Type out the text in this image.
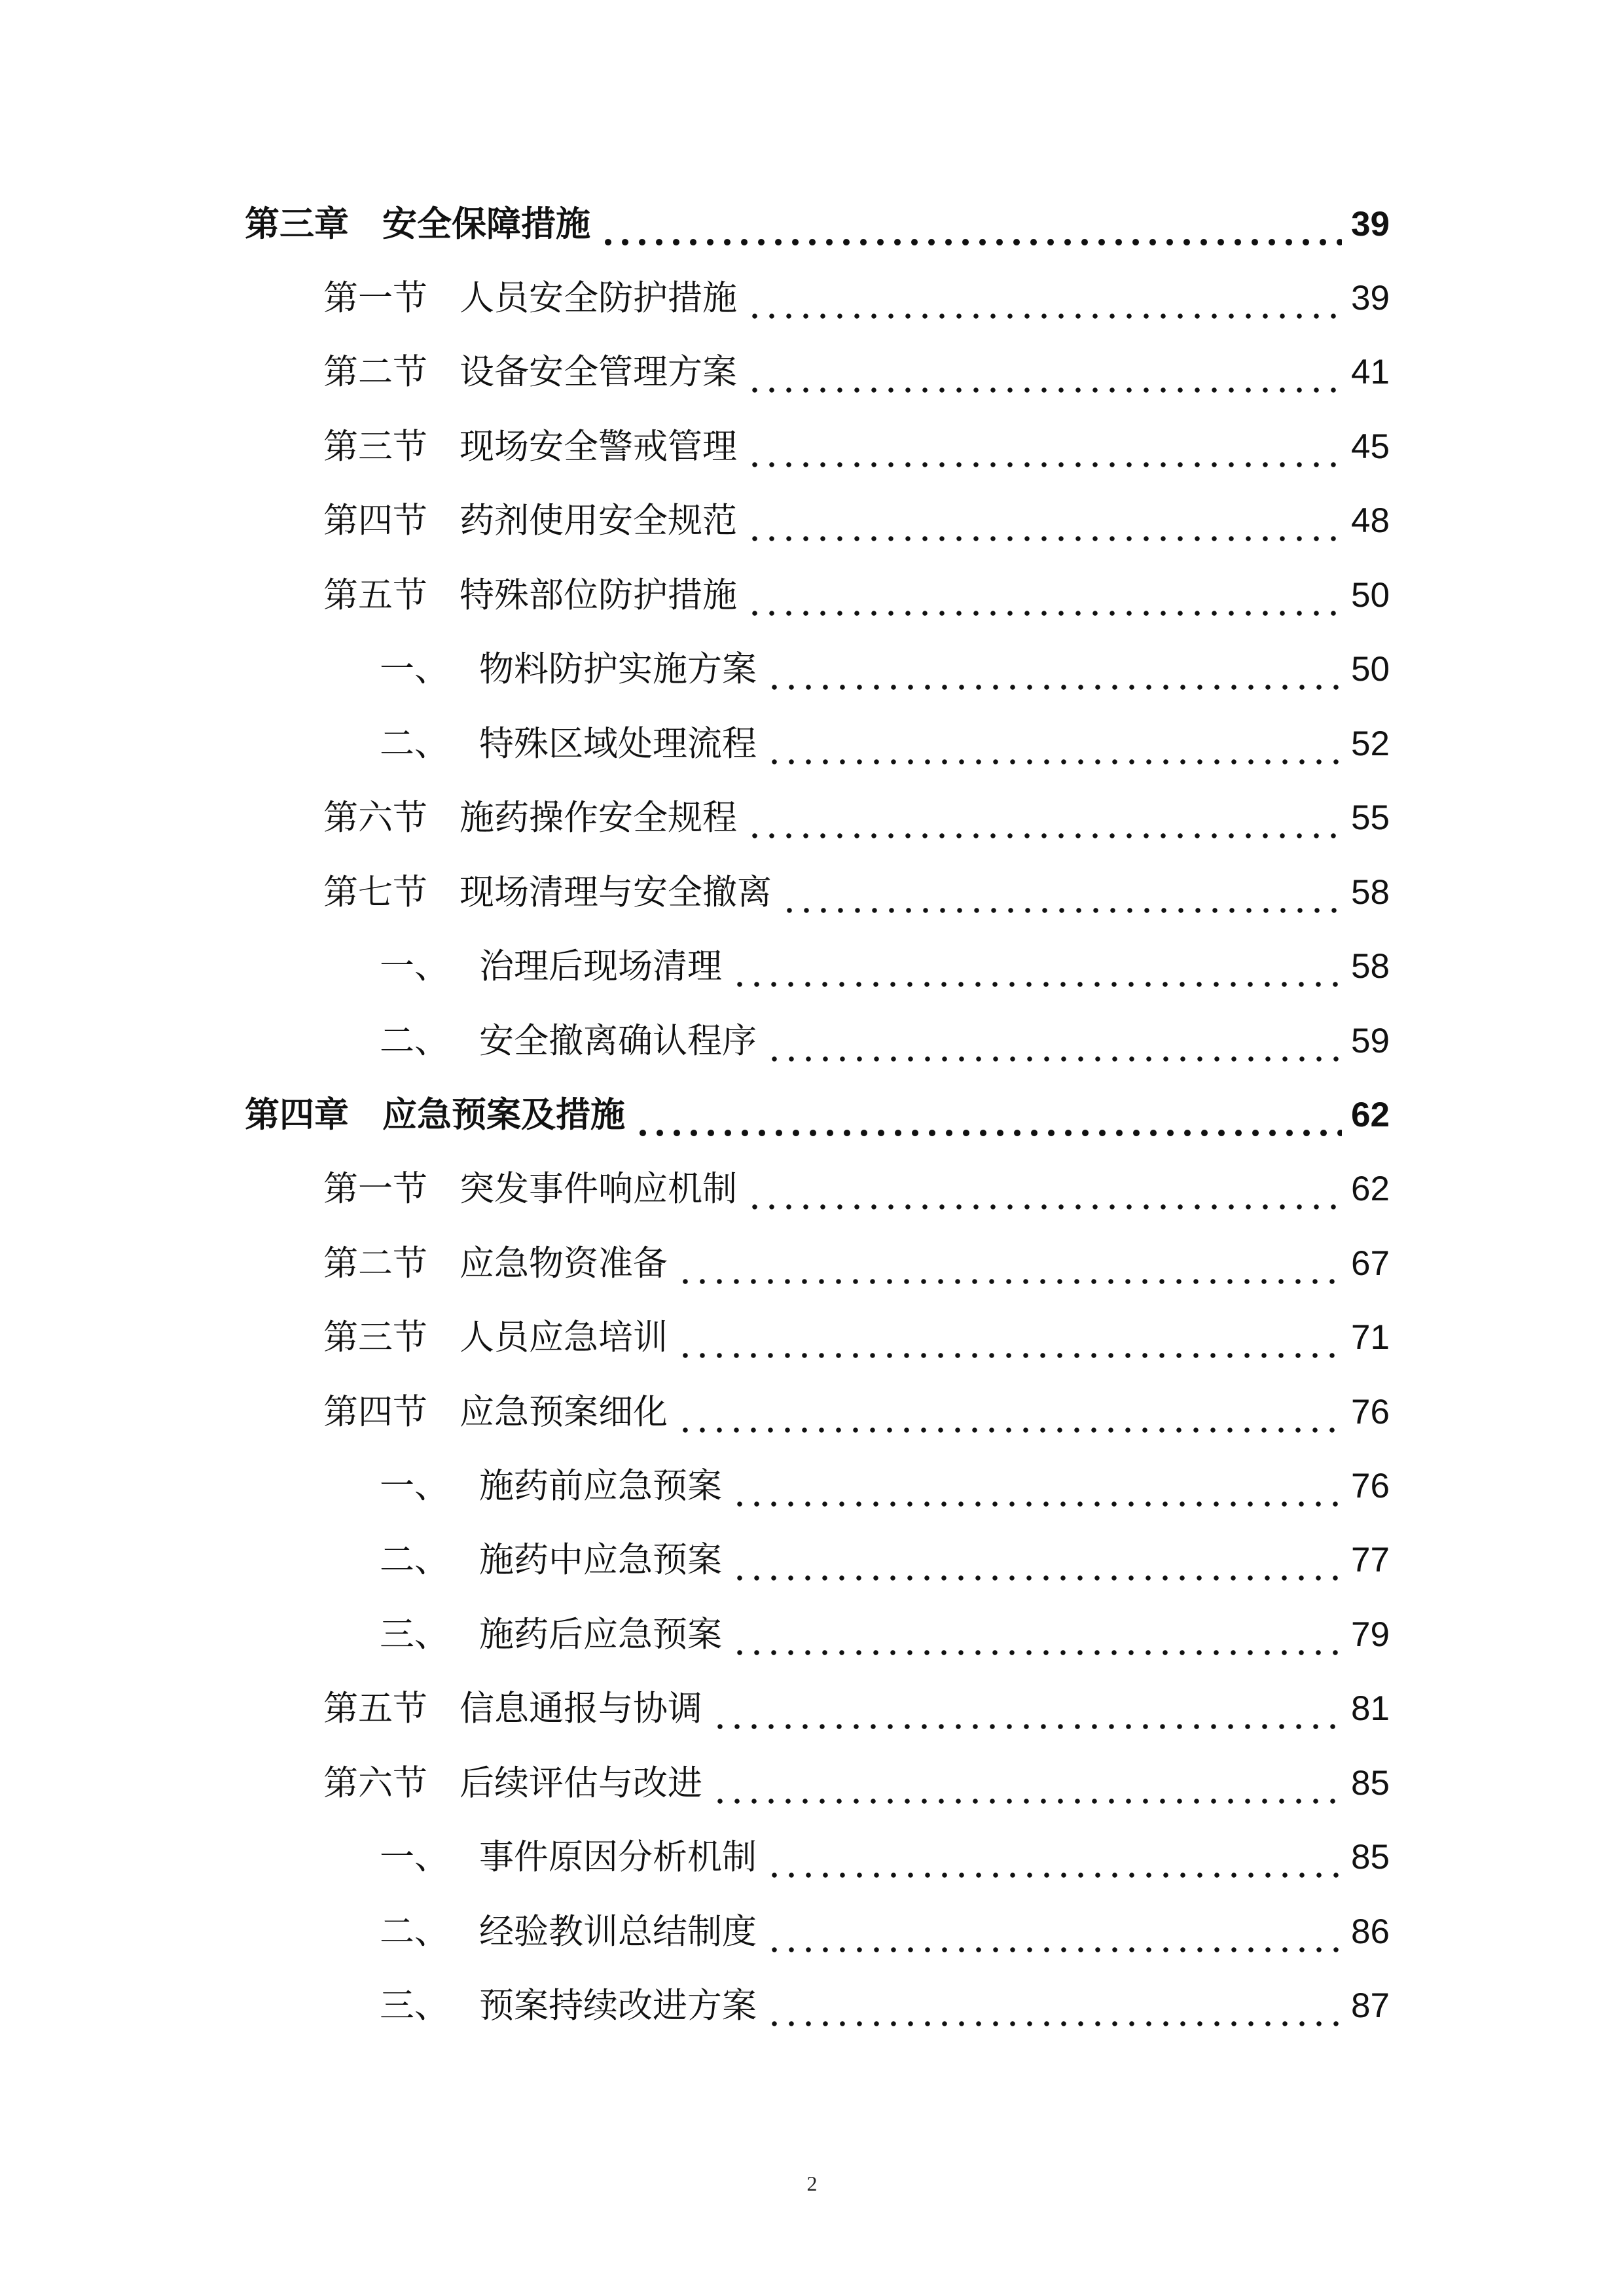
第三章 安全保障措施	39
第一节 人员安全防护措施	39
第二节 设备安全管理方案	41
第三节 现场安全警戒管理	45
第四节 药剂使用安全规范	48
第五节 特殊部位防护措施	50
一、 物料防护实施方案	50
二、 特殊区域处理流程	52
第六节 施药操作安全规程	55
第七节 现场清理与安全撤离	58
一、 治理后现场清理	58
二、 安全撤离确认程序	59
第四章 应急预案及措施	62
第一节 突发事件响应机制	62
第二节 应急物资准备	67
第三节 人员应急培训	71
第四节 应急预案细化	76
一、 施药前应急预案	76
二、 施药中应急预案	77
三、 施药后应急预案	79
第五节 信息通报与协调	81
第六节 后续评估与改进	85
一、 事件原因分析机制	85
二、 经验教训总结制度	86
三、 预案持续改进方案	87
2
